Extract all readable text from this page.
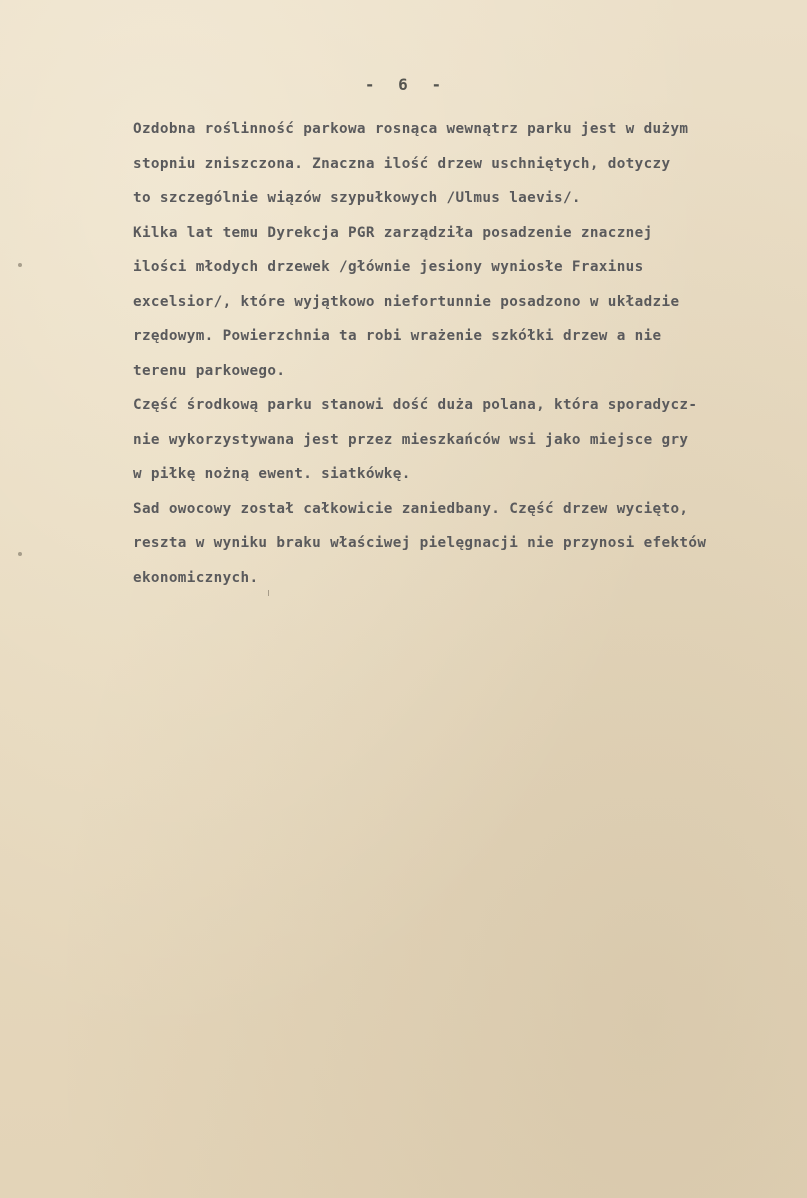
- 6 -
Ozdobna roślinność parkowa rosnąca wewnątrz parku jest w dużym
stopniu zniszczona. Znaczna ilość drzew uschniętych, dotyczy
to szczególnie wiązów szypułkowych /Ulmus laevis/.
Kilka lat temu Dyrekcja PGR zarządziła posadzenie znacznej
ilości młodych drzewek /głównie jesiony wyniosłe Fraxinus
excelsior/, które wyjątkowo niefortunnie posadzono w układzie
rzędowym. Powierzchnia ta robi wrażenie szkółki drzew a nie
terenu parkowego.
Część środkową parku stanowi dość duża polana, która sporadycz-
nie wykorzystywana jest przez mieszkańców wsi jako miejsce gry
w piłkę nożną ewent. siatkówkę.
Sad owocowy został całkowicie zaniedbany. Część drzew wycięto,
reszta w wyniku braku właściwej pielęgnacji nie przynosi efektów
ekonomicznych.
